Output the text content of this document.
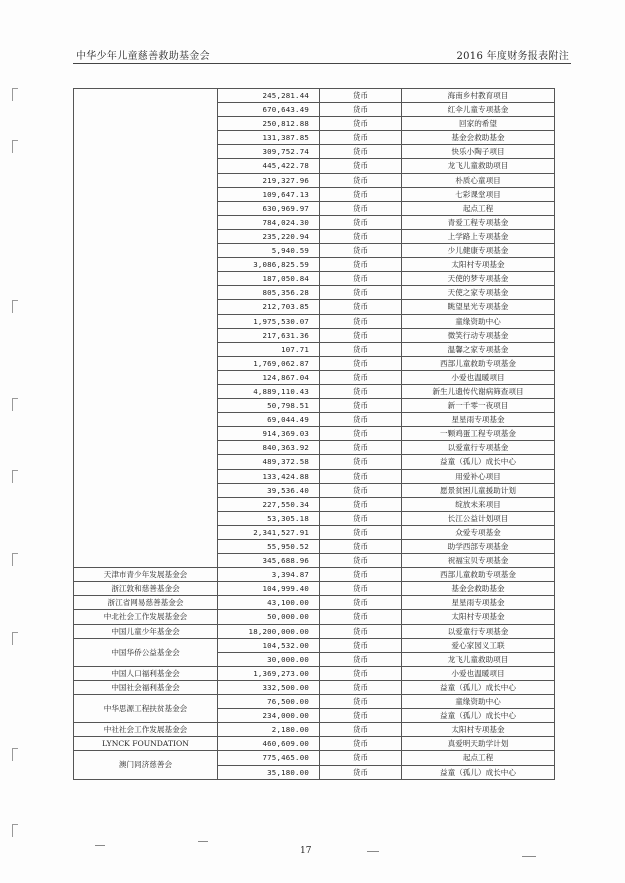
中华少年儿童慈善救助基金会	2016 年度财务报表附注
	245,281.44	货币	海南乡村教育项目
	670,643.49	货币	红伞儿童专项基金
	250,812.88	货币	回家的希望
	131,387.85	货币	基金会救助基金
	309,752.74	货币	快乐小陶子项目
	445,422.78	货币	龙飞儿童救助项目
	219,327.96	货币	朴质心童项目
	109,647.13	货币	七彩课堂项目
	630,969.97	货币	起点工程
	784,024.30	货币	青爱工程专项基金
	235,220.94	货币	上学路上专项基金
	5,940.59	货币	少儿健康专项基金
	3,086,825.59	货币	太阳村专项基金
	187,050.84	货币	天使的梦专项基金
	805,356.28	货币	天使之家专项基金
	212,703.85	货币	眺望星光专项基金
	1,975,530.07	货币	童缘资助中心
	217,631.36	货币	微笑行动专项基金
	107.71	货币	温馨之家专项基金
	1,769,062.87	货币	西部儿童救助专项基金
	124,867.04	货币	小爱也温暖项目
	4,889,110.43	货币	新生儿遗传代谢病筛查项目
	50,798.51	货币	新一千零一夜项目
	69,044.49	货币	星星雨专项基金
	914,369.03	货币	一颗鸡蛋工程专项基金
	840,363.92	货币	以爱童行专项基金
	489,372.58	货币	益童（孤儿）成长中心
	133,424.88	货币	用爱补心项目
	39,536.40	货币	愿景贫困儿童援助计划
	227,550.34	货币	绽放未来项目
	53,305.18	货币	长江公益计划项目
	2,341,527.91	货币	众爱专项基金
	55,950.52	货币	助学西部专项基金
	345,688.96	货币	祝福宝贝专项基金
天津市青少年发展基金会	3,394.87	货币	西部儿童救助专项基金
浙江敦和慈善基金会	104,999.40	货币	基金会救助基金
浙江省网易慈善基金会	43,100.00	货币	星星雨专项基金
中北社会工作发展基金会	50,000.00	货币	太阳村专项基金
中国儿童少年基金会	18,200,000.00	货币	以爱童行专项基金
中国华侨公益基金会	104,532.00	货币	爱心家园义工联
	30,000.00	货币	龙飞儿童救助项目
中国人口福利基金会	1,369,273.00	货币	小爱也温暖项目
中国社会福利基金会	332,500.00	货币	益童（孤儿）成长中心
中华思源工程扶贫基金会	76,500.00	货币	童缘资助中心
	234,000.00	货币	益童（孤儿）成长中心
中社社会工作发展基金会	2,180.00	货币	太阳村专项基金
LYNCK FOUNDATION	460,609.00	货币	真爱明天助学计划
澳门同济慈善会	775,465.00	货币	起点工程
	35,180.00	货币	益童（孤儿）成长中心
17
